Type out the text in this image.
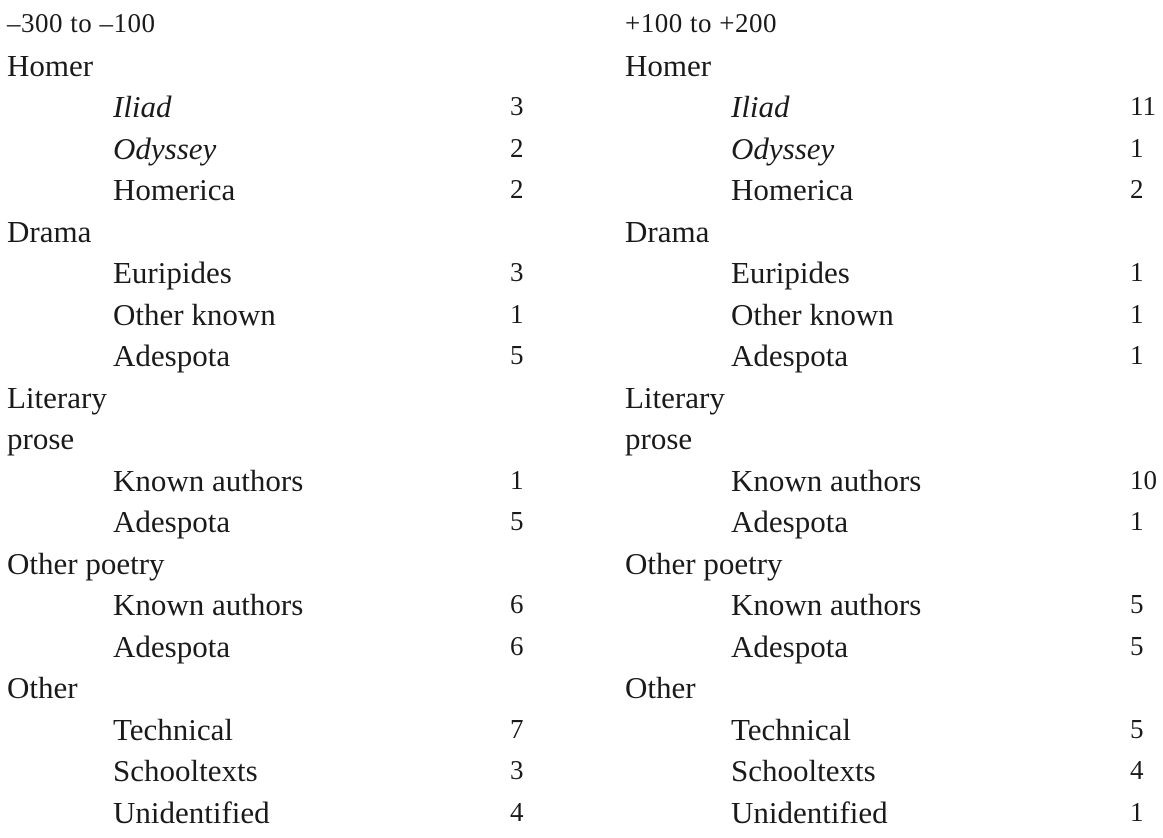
–300 to –100
Homer
Iliad	3
Odyssey	2
Homerica	2
Drama
Euripides	3
Other known	1
Adespota	5
Literary
prose
Known authors	1
Adespota	5
Other poetry
Known authors	6
Adespota	6
Other
Technical	7
Schooltexts	3
Unidentified	4
+100 to +200
Homer
Iliad	11
Odyssey	1
Homerica	2
Drama
Euripides	1
Other known	1
Adespota	1
Literary
prose
Known authors	10
Adespota	1
Other poetry
Known authors	5
Adespota	5
Other
Technical	5
Schooltexts	4
Unidentified	1
